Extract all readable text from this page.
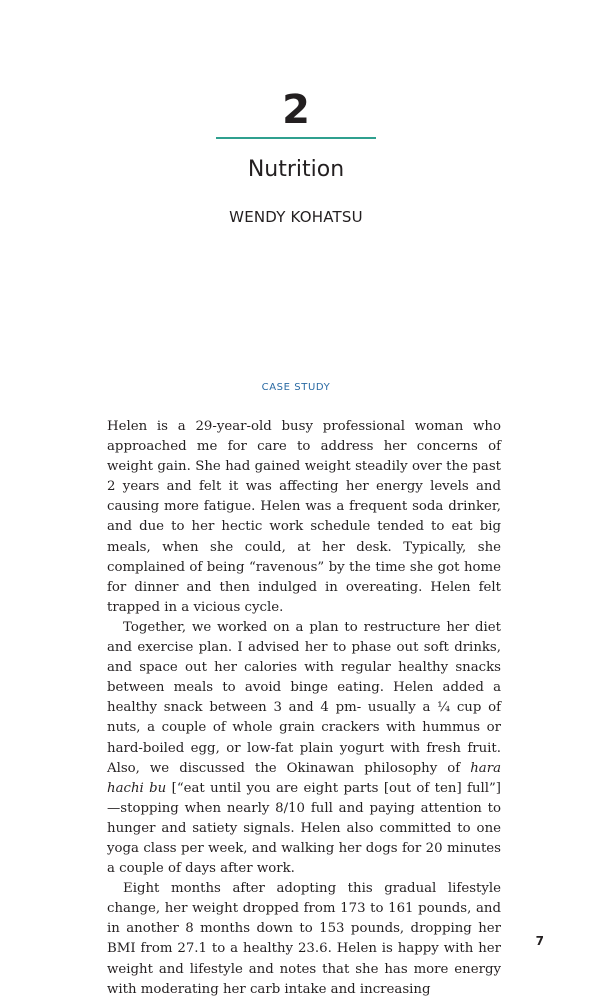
2
Nutrition
WENDY KOHATSU
CASE STUDY

Helen is a 29-year-old busy professional woman who approached me for care to address her concerns of weight gain. She had gained weight steadily over the past 2 years and felt it was affecting her energy levels and causing more fatigue. Helen was a frequent soda drinker, and due to her hectic work schedule tended to eat big meals, when she could, at her desk. Typically, she complained of being “ravenous” by the time she got home for dinner and then indulged in overeating. Helen felt trapped in a vicious cycle.

Together, we worked on a plan to restructure her diet and exercise plan. I advised her to phase out soft drinks, and space out her calories with regular healthy snacks between meals to avoid binge eating. Helen added a healthy snack between 3 and 4 pm- usually a ¼ cup of nuts, a couple of whole grain crackers with hummus or hard-boiled egg, or low-fat plain yogurt with fresh fruit. Also, we discussed the Okinawan philosophy of hara hachi bu [“eat until you are eight parts [out of ten] full”]—stopping when nearly 8/10 full and paying attention to hunger and satiety signals. Helen also committed to one yoga class per week, and walking her dogs for 20 minutes a couple of days after work.

Eight months after adopting this gradual lifestyle change, her weight dropped from 173 to 161 pounds, and in another 8 months down to 153 pounds, dropping her BMI from 27.1 to a healthy 23.6. Helen is happy with her weight and lifestyle and notes that she has more energy with moderating her carb intake and increasing

7
